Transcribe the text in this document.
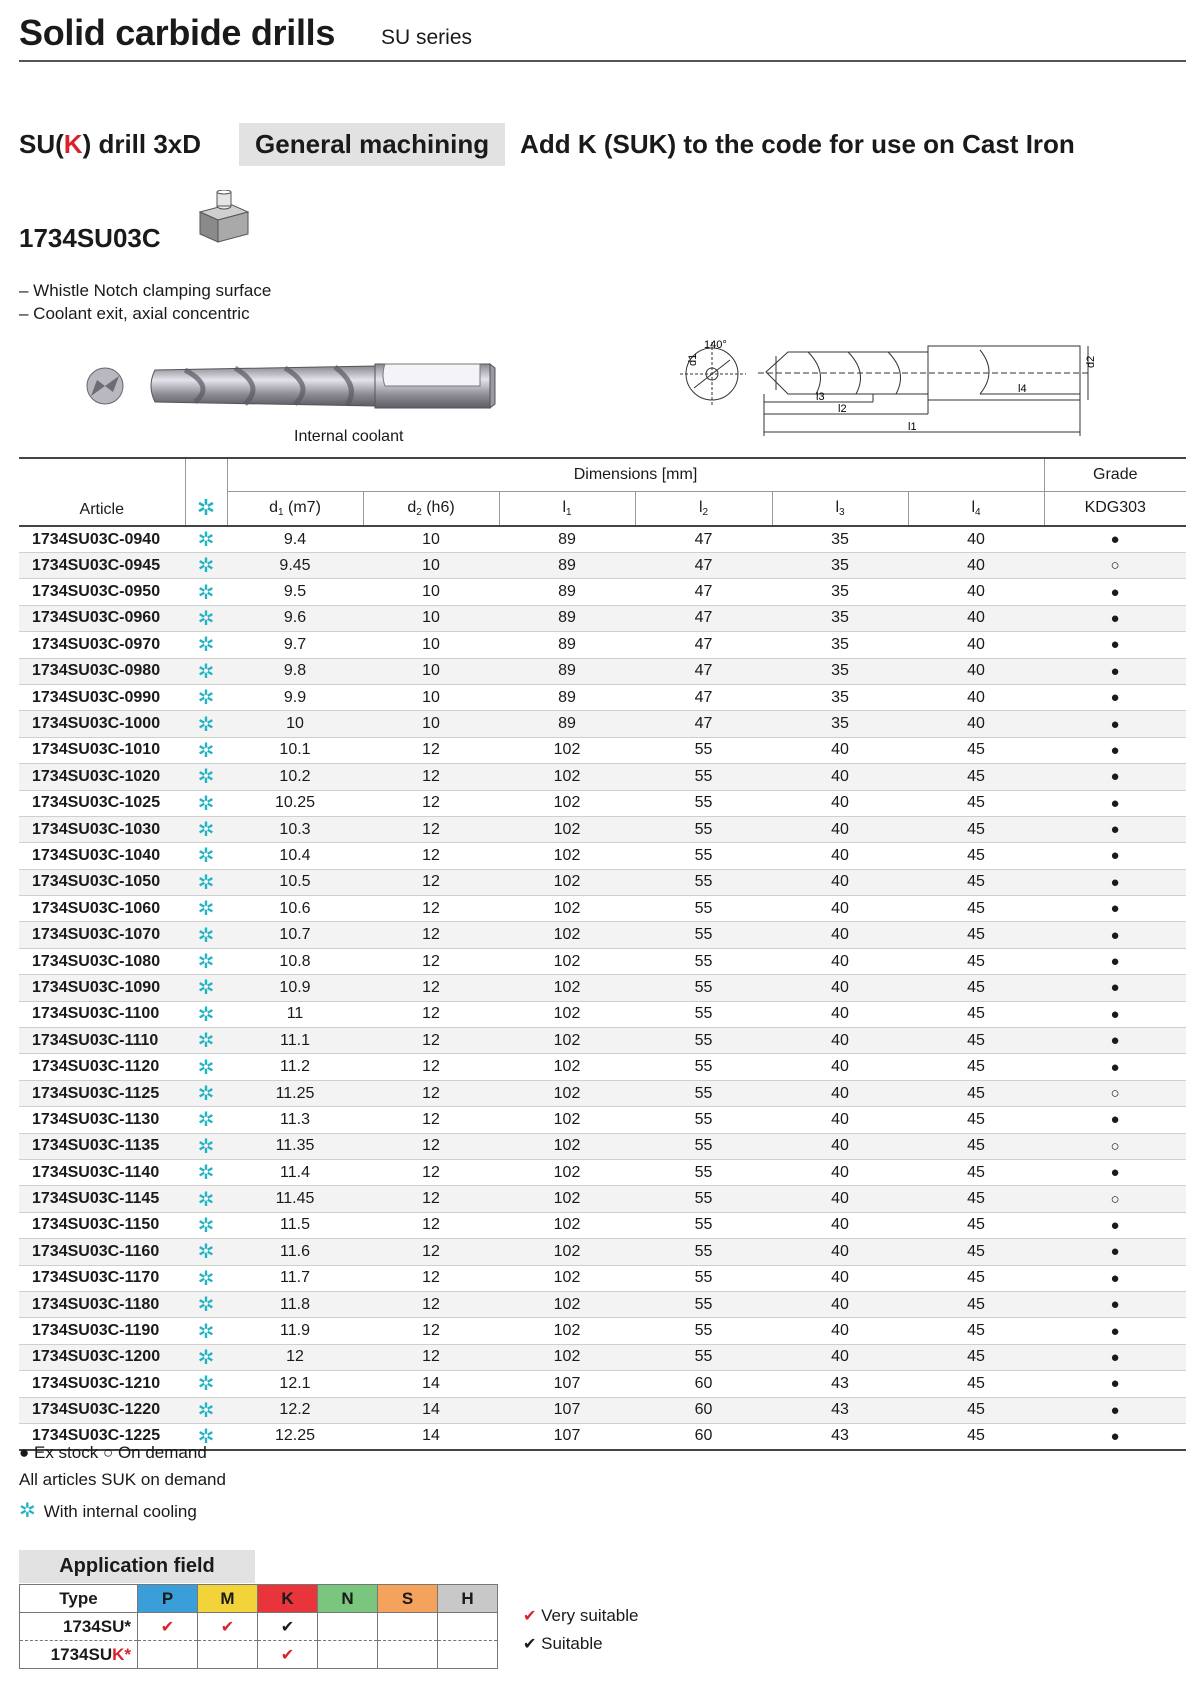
Solid carbide drills SU series
SU(K) drill 3xD	General machining	Add K (SUK) to the code for use on Cast Iron
1734SU03C
– Whistle Notch clamping surface
– Coolant exit, axial concentric
Internal coolant
140°
d1	d2
l3
l2
l1
l4
Article	✲	Dimensions [mm]						Grade
		$d_1$ (m7)	$d_2$ (h6)	$l_1$	$l_2$	$l_3$	$l_4$	KDG303
1734SU03C-0940	✲	9.4	10	89	47	35	40	●
1734SU03C-0945	✲	9.45	10	89	47	35	40	○
1734SU03C-0950	✲	9.5	10	89	47	35	40	●
1734SU03C-0960	✲	9.6	10	89	47	35	40	●
1734SU03C-0970	✲	9.7	10	89	47	35	40	●
1734SU03C-0980	✲	9.8	10	89	47	35	40	●
1734SU03C-0990	✲	9.9	10	89	47	35	40	●
1734SU03C-1000	✲	10	10	89	47	35	40	●
1734SU03C-1010	✲	10.1	12	102	55	40	45	●
1734SU03C-1020	✲	10.2	12	102	55	40	45	●
1734SU03C-1025	✲	10.25	12	102	55	40	45	●
1734SU03C-1030	✲	10.3	12	102	55	40	45	●
1734SU03C-1040	✲	10.4	12	102	55	40	45	●
1734SU03C-1050	✲	10.5	12	102	55	40	45	●
1734SU03C-1060	✲	10.6	12	102	55	40	45	●
1734SU03C-1070	✲	10.7	12	102	55	40	45	●
1734SU03C-1080	✲	10.8	12	102	55	40	45	●
1734SU03C-1090	✲	10.9	12	102	55	40	45	●
1734SU03C-1100	✲	11	12	102	55	40	45	●
1734SU03C-1110	✲	11.1	12	102	55	40	45	●
1734SU03C-1120	✲	11.2	12	102	55	40	45	●
1734SU03C-1125	✲	11.25	12	102	55	40	45	○
1734SU03C-1130	✲	11.3	12	102	55	40	45	●
1734SU03C-1135	✲	11.35	12	102	55	40	45	○
1734SU03C-1140	✲	11.4	12	102	55	40	45	●
1734SU03C-1145	✲	11.45	12	102	55	40	45	○
1734SU03C-1150	✲	11.5	12	102	55	40	45	●
1734SU03C-1160	✲	11.6	12	102	55	40	45	●
1734SU03C-1170	✲	11.7	12	102	55	40	45	●
1734SU03C-1180	✲	11.8	12	102	55	40	45	●
1734SU03C-1190	✲	11.9	12	102	55	40	45	●
1734SU03C-1200	✲	12	12	102	55	40	45	●
1734SU03C-1210	✲	12.1	14	107	60	43	45	●
1734SU03C-1220	✲	12.2	14	107	60	43	45	●
1734SU03C-1225	✲	12.25	14	107	60	43	45	●
● Ex stock ○ On demand
All articles SUK on demand
✲ With internal cooling
Application field
Type	P	M	K	N	S	H
1734SU*	✔	✔	✔			
1734SUK*			✔			
✔ Very suitable
✔ Suitable
